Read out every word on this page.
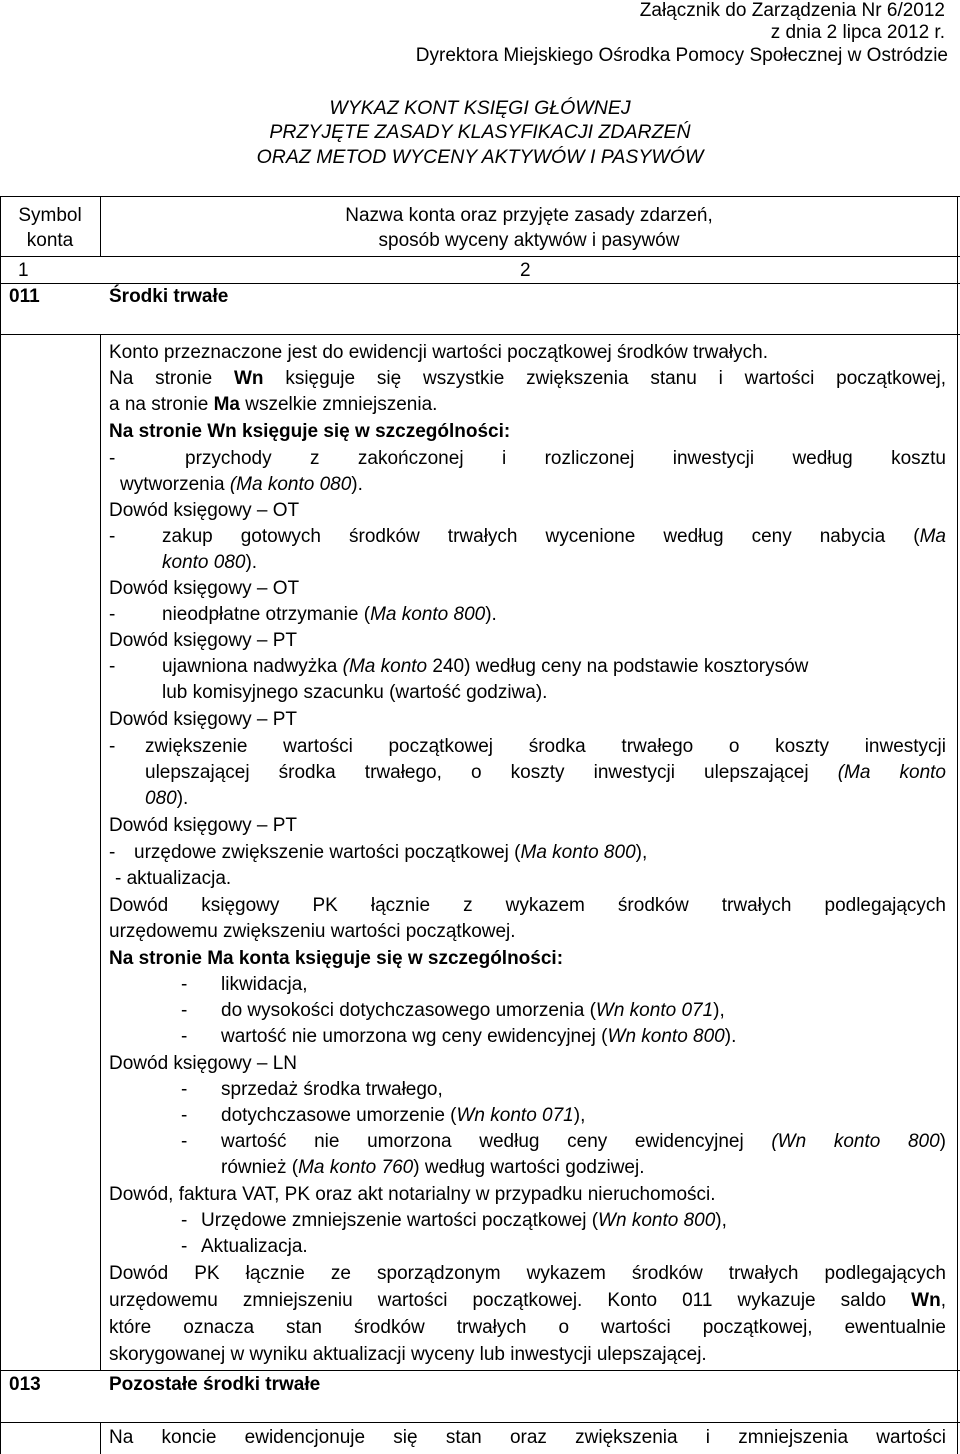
Załącznik do Zarządzenia Nr 6/2012
z dnia 2 lipca 2012 r.
Dyrektora Miejskiego Ośrodka Pomocy Społecznej w Ostródzie
WYKAZ KONT KSIĘGI GŁÓWNEJ
PRZYJĘTE ZASADY KLASYFIKACJI ZDARZEŃ
ORAZ METOD WYCENY AKTYWÓW I PASYWÓW
Symbol
konta
Nazwa konta oraz przyjęte zasady zdarzeń,
sposób wyceny aktywów i pasywów
1	2
011	Środki trwałe
Konto przeznaczone jest do ewidencji wartości początkowej środków trwałych.
Na stronie Wn księguje się wszystkie zwiększenia stanu i wartości początkowej,
a na stronie Ma wszelkie zmniejszenia.
Na stronie Wn księguje się w szczególności:
-	przychody z zakończonej i rozliczonej inwestycji według kosztu
wytworzenia (Ma konto 080).
Dowód księgowy – OT
- zakup gotowych środków trwałych wycenione według ceny nabycia (Ma
konto 080).
Dowód księgowy – OT
- nieodpłatne otrzymanie (Ma konto 800).
Dowód księgowy – PT
- ujawniona nadwyżka (Ma konto 240) według ceny na podstawie kosztorysów
lub komisyjnego szacunku (wartość godziwa).
Dowód księgowy – PT
- zwiększenie wartości początkowej środka trwałego o koszty inwestycji
ulepszającej środka trwałego, o koszty inwestycji ulepszającej (Ma konto
080).
Dowód księgowy – PT
- urzędowe zwiększenie wartości początkowej (Ma konto 800),
- aktualizacja.
Dowód księgowy PK łącznie z wykazem środków trwałych podlegających
urzędowemu zwiększeniu wartości początkowej.
Na stronie Ma konta księguje się w szczególności:
- likwidacja,
- do wysokości dotychczasowego umorzenia (Wn konto 071),
- wartość nie umorzona wg ceny ewidencyjnej (Wn konto 800).
Dowód księgowy – LN
- sprzedaż środka trwałego,
- dotychczasowe umorzenie (Wn konto 071),
- wartość nie umorzona według ceny ewidencyjnej (Wn konto 800)
również (Ma konto 760) według wartości godziwej.
Dowód, faktura VAT, PK oraz akt notarialny w przypadku nieruchomości.
- Urzędowe zmniejszenie wartości początkowej (Wn konto 800),
- Aktualizacja.
Dowód PK łącznie ze sporządzonym wykazem środków trwałych podlegających
urzędowemu zmniejszeniu wartości początkowej. Konto 011 wykazuje saldo Wn,
które oznacza stan środków trwałych o wartości początkowej, ewentualnie
skorygowanej w wyniku aktualizacji wyceny lub inwestycji ulepszającej.
013	Pozostałe środki trwałe
Na koncie ewidencjonuje się stan oraz zwiększenia i zmniejszenia wartości
